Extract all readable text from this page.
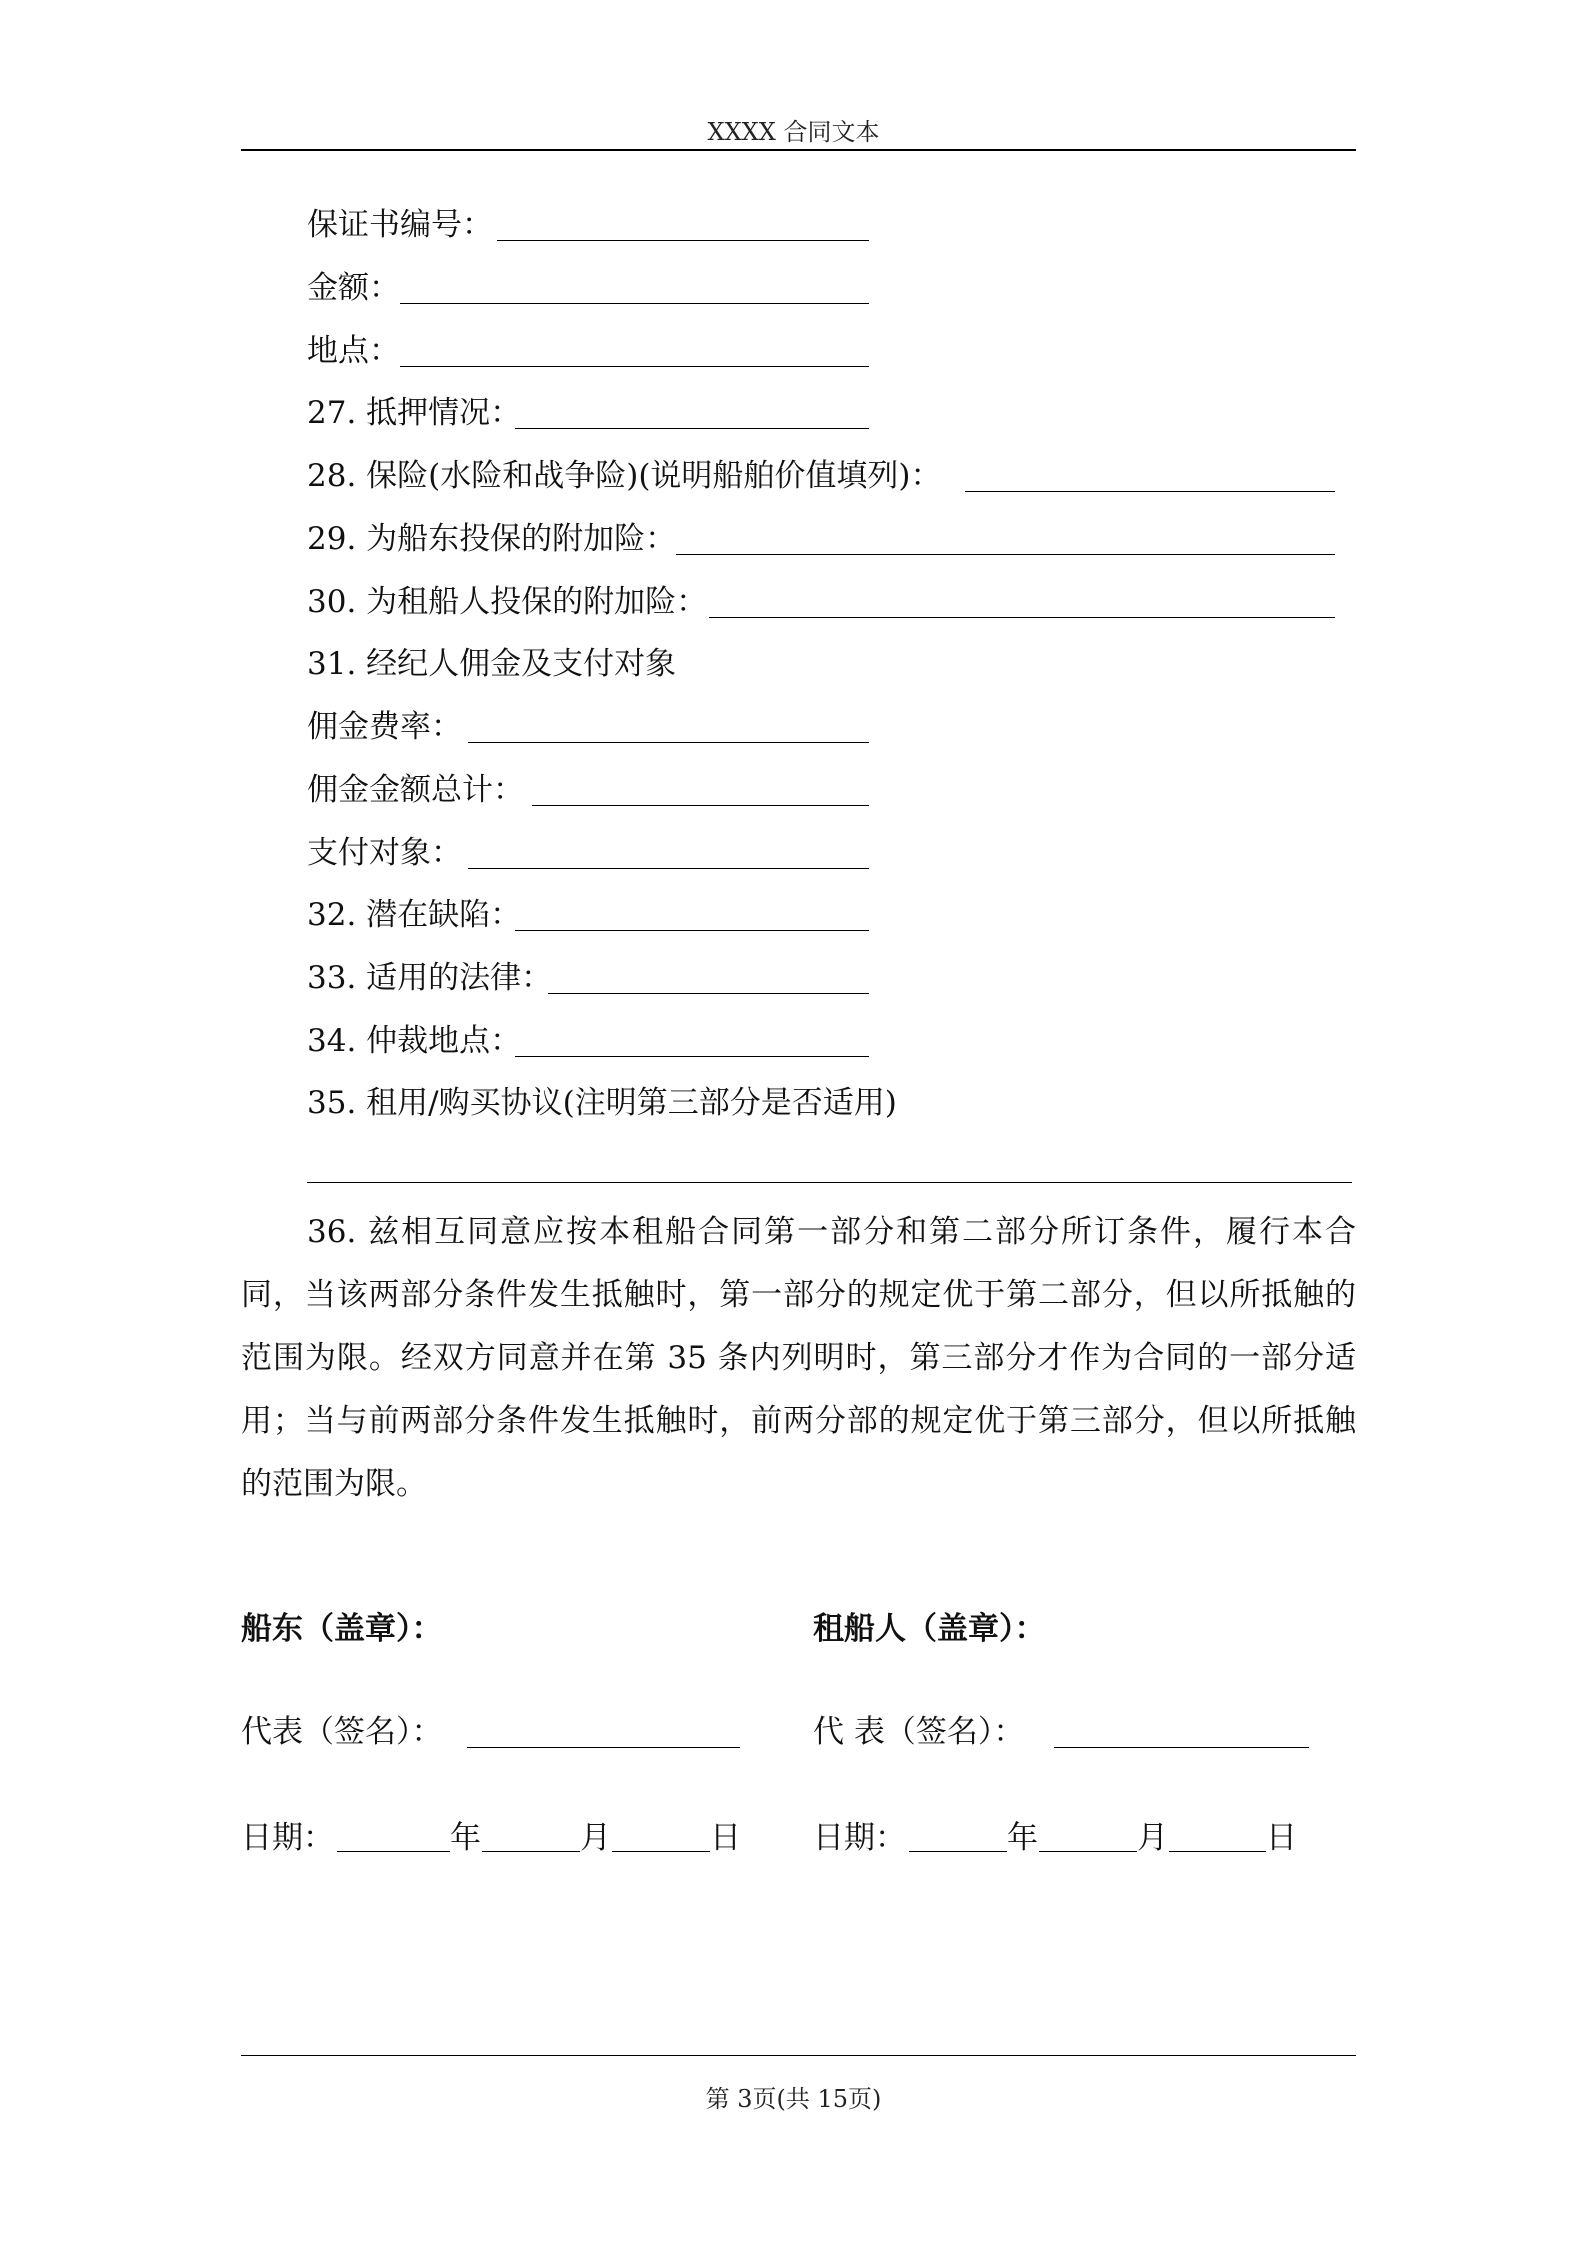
XXXX 合同文本
保证书编号：
金额：
地点：
27. 抵押情况：
28. 保险(水险和战争险)(说明船舶价值填列)：
29. 为船东投保的附加险：
30. 为租船人投保的附加险：
31. 经纪人佣金及支付对象
佣金费率：
佣金金额总计：
支付对象：
32. 潜在缺陷：
33. 适用的法律：
34. 仲裁地点：
35. 租用/购买协议(注明第三部分是否适用)
36. 兹相互同意应按本租船合同第一部分和第二部分所订条件，履行本合同，当该两部分条件发生抵触时，第一部分的规定优于第二部分，但以所抵触的范围为限。经双方同意并在第 35 条内列明时，第三部分才作为合同的一部分适用；当与前两部分条件发生抵触时，前两分部的规定优于第三部分，但以所抵触的范围为限。
船东（盖章）：
代表（签名）：
日期：	年	月	日
租船人（盖章）：
代 表（签名）：
日期：	年	月	日
第 3页(共 15页)
